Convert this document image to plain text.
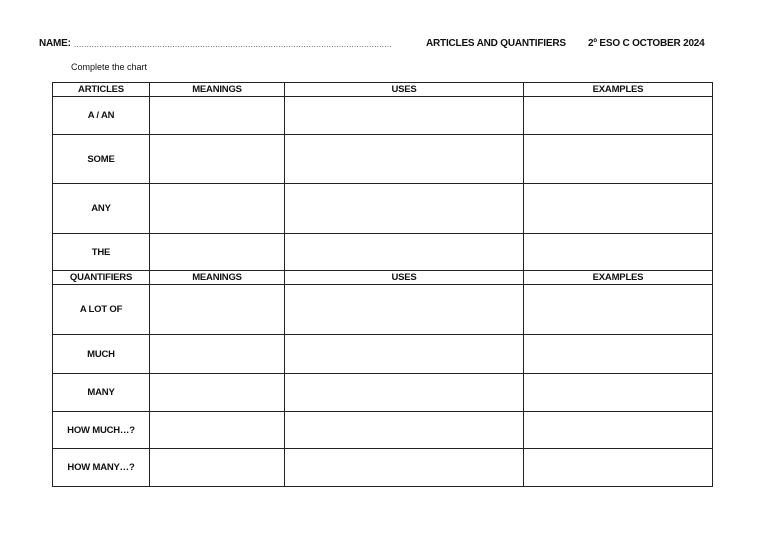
NAME: ..............................................................................................................................	ARTICLES AND QUANTIFIERS 2º ESO C OCTOBER 2024
Complete the chart
ARTICLES	MEANINGS	USES	EXAMPLES
A / AN			
SOME			
ANY			
THE			
QUANTIFIERS	MEANINGS	USES	EXAMPLES
A LOT OF			
MUCH			
MANY			
HOW MUCH…?			
HOW MANY…?			
